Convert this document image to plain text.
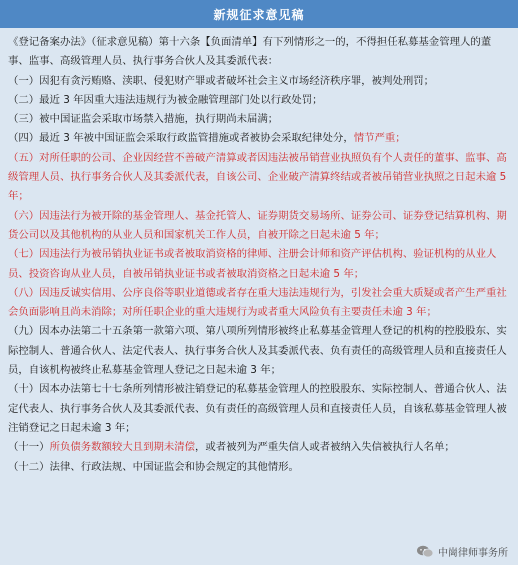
新规征求意见稿

《登记备案办法》（征求意见稿）第十六条【负面清单】有下列情形之一的，不得担任私募基金管理人的董事、监事、高级管理人员、执行事务合伙人及其委派代表：

（一）因犯有贪污贿赂、渎职、侵犯财产罪或者破坏社会主义市场经济秩序罪，被判处刑罚；

（二）最近 3 年因重大违法违规行为被金融管理部门处以行政处罚；

（三）被中国证监会采取市场禁入措施，执行期尚未届满；

（四）最近 3 年被中国证监会采取行政监管措施或者被协会采取纪律处分，情节严重；

（五）对所任职的公司、企业因经营不善破产清算或者因违法被吊销营业执照负有个人责任的董事、监事、高级管理人员、执行事务合伙人及其委派代表，自该公司、企业破产清算终结或者被吊销营业执照之日起未逾 5 年；

（六）因违法行为被开除的基金管理人、基金托管人、证券期货交易场所、证券公司、证券登记结算机构、期货公司以及其他机构的从业人员和国家机关工作人员，自被开除之日起未逾 5 年；

（七）因违法行为被吊销执业证书或者被取消资格的律师、注册会计师和资产评估机构、验证机构的从业人员、投资咨询从业人员，自被吊销执业证书或者被取消资格之日起未逾 5 年；

（八）因违反诚实信用、公序良俗等职业道德或者存在重大违法违规行为，引发社会重大质疑或者产生严重社会负面影响且尚未消除；对所任职企业的重大违规行为或者重大风险负有主要责任未逾 3 年；

（九）因本办法第二十五条第一款第六项、第八项所列情形被终止私募基金管理人登记的机构的控股股东、实际控制人、普通合伙人、法定代表人、执行事务合伙人及其委派代表、负有责任的高级管理人员和直接责任人员，自该机构被终止私募基金管理人登记之日起未逾 3 年；

（十）因本办法第七十七条所列情形被注销登记的私募基金管理人的控股股东、实际控制人、普通合伙人、法定代表人、执行事务合伙人及其委派代表、负有责任的高级管理人员和直接责任人员，自该私募基金管理人被注销登记之日起未逾 3 年；

（十一）所负债务数额较大且到期未清偿，或者被列为严重失信人或者被纳入失信被执行人名单；

（十二）法律、行政法规、中国证监会和协会规定的其他情形。

中崗律师事务所
